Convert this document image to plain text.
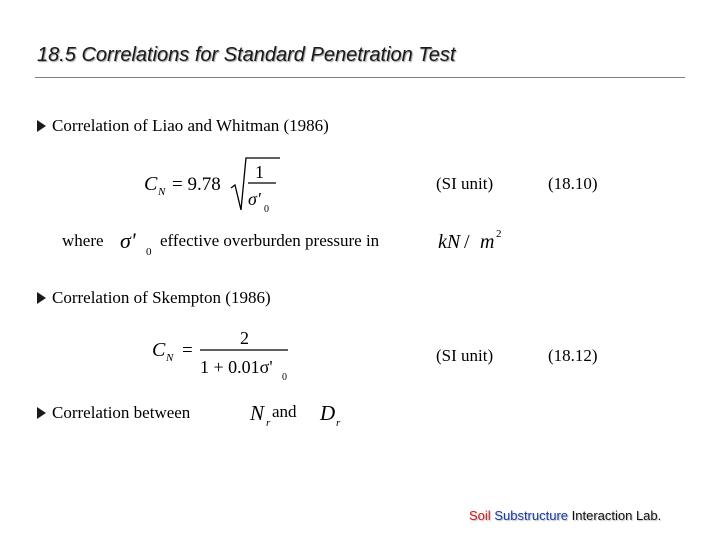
18.5 Correlations for Standard Penetration Test
Correlation of Liao and Whitman (1986)
C N = 9.78
1
σ'
0
(SI unit)	(18.10)
where σ' 0
effective overburden pressure in	kN / m 2
Correlation of Skempton (1986)
C N =
2
1 + 0.01σ'
0
(SI unit)	(18.12)
Correlation between	N r
and D r
Soil Substructure Interaction Lab.
